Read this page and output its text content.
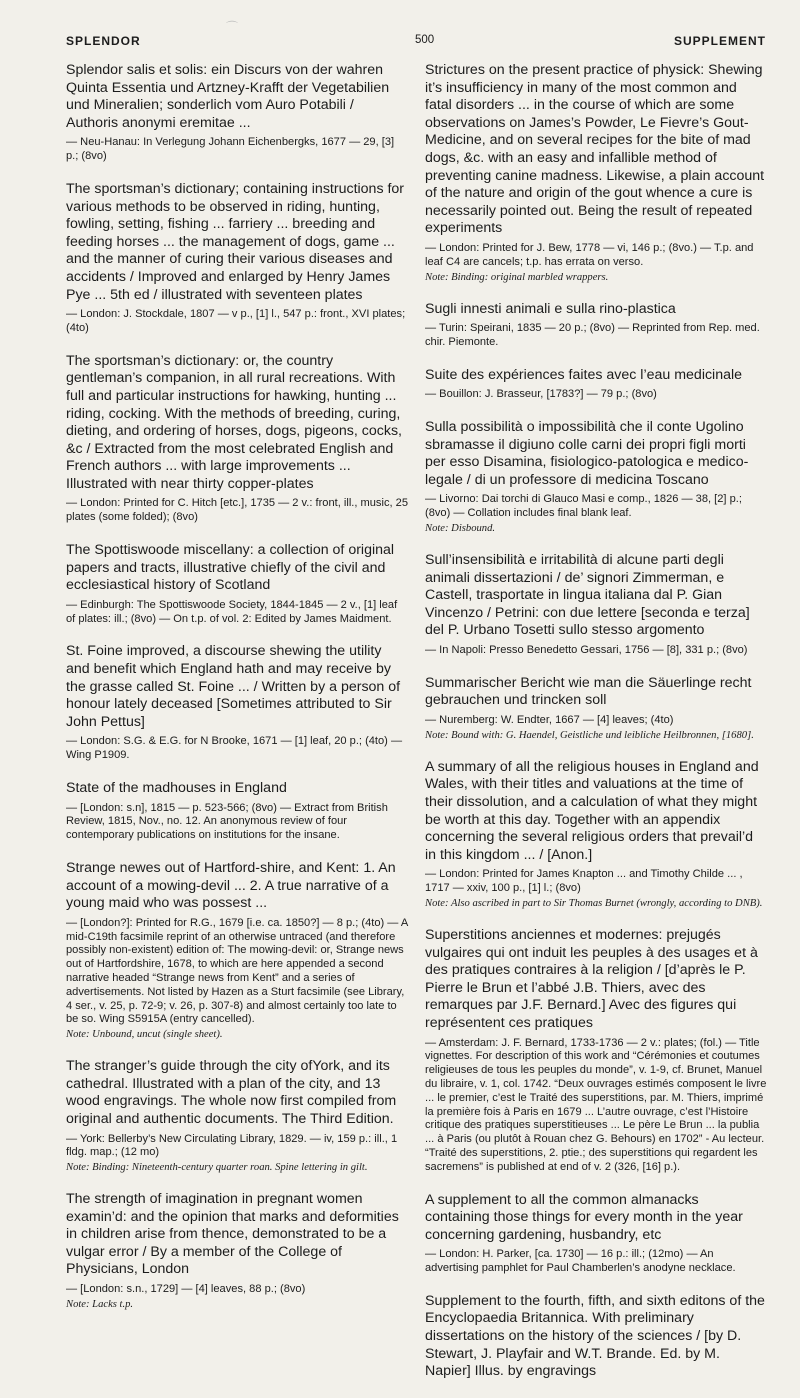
SPLENDOR	500	SUPPLEMENT
⌒

Splendor salis et solis: ein Discurs von der wahren Quinta Essentia und Artzney-Krafft der Vegetabilien und Mineralien; sonderlich vom Auro Potabili / Authoris anonymi eremitae ...

— Neu-Hanau: In Verlegung Johann Eichenbergks, 1677 — 29, [3] p.; (8vo)

The sportsman’s dictionary; containing instructions for various methods to be observed in riding, hunting, fowling, setting, fishing ... farriery ... breeding and feeding horses ... the management of dogs, game ... and the manner of curing their various diseases and accidents / Improved and enlarged by Henry James Pye ... 5th ed / illustrated with seventeen plates

— London: J. Stockdale, 1807 — v p., [1] l., 547 p.: front., XVI plates; (4to)

The sportsman’s dictionary: or, the country gentleman’s companion, in all rural recreations. With full and particular instructions for hawking, hunting ... riding, cocking. With the methods of breeding, curing, dieting, and ordering of horses, dogs, pigeons, cocks, &c / Extracted from the most celebrated English and French authors ... with large improvements ... Illustrated with near thirty copper-plates

— London: Printed for C. Hitch [etc.], 1735 — 2 v.: front, ill., music, 25 plates (some folded); (8vo)

The Spottiswoode miscellany: a collection of original papers and tracts, illustrative chiefly of the civil and ecclesiastical history of Scotland

— Edinburgh: The Spottiswoode Society, 1844-1845 — 2 v., [1] leaf of plates: ill.; (8vo) — On t.p. of vol. 2: Edited by James Maidment.

St. Foine improved, a discourse shewing the utility and benefit which England hath and may receive by the grasse called St. Foine ... / Written by a person of honour lately deceased [Sometimes attributed to Sir John Pettus]

— London: S.G. & E.G. for N Brooke, 1671 — [1] leaf, 20 p.; (4to) — Wing P1909.

State of the madhouses in England

— [London: s.n], 1815 — p. 523-566; (8vo) — Extract from British Review, 1815, Nov., no. 12. An anonymous review of four contemporary publications on institutions for the insane.

Strange newes out of Hartford-shire, and Kent: 1. An account of a mowing-devil ... 2. A true narrative of a young maid who was possest ...

— [London?]: Printed for R.G., 1679 [i.e. ca. 1850?] — 8 p.; (4to) — A mid-C19th facsimile reprint of an otherwise untraced (and therefore possibly non-existent) edition of: The mowing-devil: or, Strange news out of Hartfordshire, 1678, to which are here appended a second narrative headed “Strange news from Kent” and a series of advertisements. Not listed by Hazen as a Sturt facsimile (see Library, 4 ser., v. 25, p. 72-9; v. 26, p. 307-8) and almost certainly too late to be so. Wing S5915A (entry cancelled).

Note: Unbound, uncut (single sheet).

The stranger’s guide through the city ofYork, and its cathedral. Illustrated with a plan of the city, and 13 wood engravings. The whole now first compiled from original and authentic documents. The Third Edition.

— York: Bellerby’s New Circulating Library, 1829. — iv, 159 p.: ill., 1 fldg. map.; (12 mo)

Note: Binding: Nineteenth-century quarter roan. Spine lettering in gilt.

The strength of imagination in pregnant women examin’d: and the opinion that marks and deformities in children arise from thence, demonstrated to be a vulgar error / By a member of the College of Physicians, London

— [London: s.n., 1729] — [4] leaves, 88 p.; (8vo)

Note: Lacks t.p.

Strictures on the present practice of physick: Shewing it’s insufficiency in many of the most common and fatal disorders ... in the course of which are some observations on James’s Powder, Le Fievre’s Gout-Medicine, and on several recipes for the bite of mad dogs, &c. with an easy and infallible method of preventing canine madness. Likewise, a plain account of the nature and origin of the gout whence a cure is necessarily pointed out. Being the result of repeated experiments

— London: Printed for J. Bew, 1778 — vi, 146 p.; (8vo.) — T.p. and leaf C4 are cancels; t.p. has errata on verso.

Note: Binding: original marbled wrappers.

Sugli innesti animali e sulla rino-plastica

— Turin: Speirani, 1835 — 20 p.; (8vo) — Reprinted from Rep. med. chir. Piemonte.

Suite des expériences faites avec l’eau medicinale

— Bouillon: J. Brasseur, [1783?] — 79 p.; (8vo)

Sulla possibilità o impossibilità che il conte Ugolino sbramasse il digiuno colle carni dei propri figli morti per esso Disamina, fisiologico-patologica e medico-legale / di un professore di medicina Toscano

— Livorno: Dai torchi di Glauco Masi e comp., 1826 — 38, [2] p.; (8vo) — Collation includes final blank leaf.

Note: Disbound.

Sull’insensibilità e irritabilità di alcune parti degli animali dissertazioni / de’ signori Zimmerman, e Castell, trasportate in lingua italiana dal P. Gian Vincenzo / Petrini: con due lettere [seconda e terza] del P. Urbano Tosetti sullo stesso argomento

— In Napoli: Presso Benedetto Gessari, 1756 — [8], 331 p.; (8vo)

Summarischer Bericht wie man die Säuerlinge recht gebrauchen und trincken soll

— Nuremberg: W. Endter, 1667 — [4] leaves; (4to)

Note: Bound with: G. Haendel, Geistliche und leibliche Heilbronnen, [1680].

A summary of all the religious houses in England and Wales, with their titles and valuations at the time of their dissolution, and a calculation of what they might be worth at this day. Together with an appendix concerning the several religious orders that prevail’d in this kingdom ... / [Anon.]

— London: Printed for James Knapton ... and Timothy Childe ... , 1717 — xxiv, 100 p., [1] l.; (8vo)

Note: Also ascribed in part to Sir Thomas Burnet (wrongly, according to DNB).

Superstitions anciennes et modernes: prejugés vulgaires qui ont induit les peuples à des usages et à des pratiques contraires à la religion / [d’après le P. Pierre le Brun et l’abbé J.B. Thiers, avec des remarques par J.F. Bernard.] Avec des figures qui représentent ces pratiques

— Amsterdam: J. F. Bernard, 1733-1736 — 2 v.: plates; (fol.) — Title vignettes. For description of this work and “Cérémonies et coutumes religieuses de tous les peuples du monde”, v. 1-9, cf. Brunet, Manuel du libraire, v. 1, col. 1742. “Deux ouvrages estimés composent le livre ... le premier, c’est le Traité des superstitions, par. M. Thiers, imprimé la première fois à Paris en 1679 ... L’autre ouvrage, c’est l’Histoire critique des pratiques superstitieuses ... Le père Le Brun ... la publia ... à Paris (ou plutôt à Rouan chez G. Behours) en 1702” - Au lecteur. “Traité des superstitions, 2. ptie.; des superstitions qui regardent les sacremens” is published at end of v. 2 (326, [16] p.).

A supplement to all the common almanacks containing those things for every month in the year concerning gardening, husbandry, etc

— London: H. Parker, [ca. 1730] — 16 p.: ill.; (12mo) — An advertising pamphlet for Paul Chamberlen’s anodyne necklace.

Supplement to the fourth, fifth, and sixth editons of the Encyclopaedia Britannica. With preliminary dissertations on the history of the sciences / [by D. Stewart, J. Playfair and W.T. Brande. Ed. by M. Napier] Illus. by engravings
